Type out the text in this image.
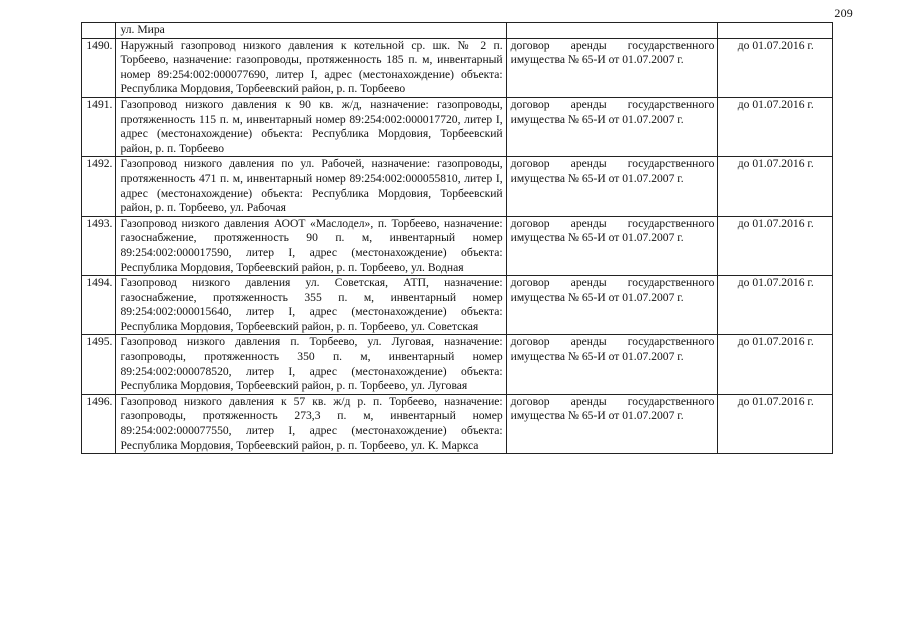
209
	ул. Мира		
1490.	Наружный газопровод низкого давления к котельной ср. шк. № 2 п. Торбеево, назначение: газопроводы, протяженность 185 п. м, инвентарный номер 89:254:002:000077690, литер I, адрес (местонахождение) объекта: Республика Мордовия, Торбеевский район, р. п. Торбеево	договор аренды государственного имущества № 65-И от 01.07.2007 г.	до 01.07.2016 г.
1491.	Газопровод низкого давления к 90 кв. ж/д, назначение: газопроводы, протяженность 115 п. м, инвентарный номер 89:254:002:000017720, литер I, адрес (местонахождение) объекта: Республика Мордовия, Торбеевский район, р. п. Торбеево	договор аренды государственного имущества № 65-И от 01.07.2007 г.	до 01.07.2016 г.
1492.	Газопровод низкого давления по ул. Рабочей, назначение: газопроводы, протяженность 471 п. м, инвентарный номер 89:254:002:000055810, литер I, адрес (местонахождение) объекта: Республика Мордовия, Торбеевский район, р. п. Торбеево, ул. Рабочая	договор аренды государственного имущества № 65-И от 01.07.2007 г.	до 01.07.2016 г.
1493.	Газопровод низкого давления АООТ «Маслодел», п. Торбеево, назначение: газоснабжение, протяженность 90 п. м, инвентарный номер 89:254:002:000017590, литер I, адрес (местонахождение) объекта: Республика Мордовия, Торбеевский район, р. п. Торбеево, ул. Водная	договор аренды государственного имущества № 65-И от 01.07.2007 г.	до 01.07.2016 г.
1494.	Газопровод низкого давления ул. Советская, АТП, назначение: газоснабжение, протяженность 355 п. м, инвентарный номер 89:254:002:000015640, литер I, адрес (местонахождение) объекта: Республика Мордовия, Торбеевский район, р. п. Торбеево, ул. Советская	договор аренды государственного имущества № 65-И от 01.07.2007 г.	до 01.07.2016 г.
1495.	Газопровод низкого давления п. Торбеево, ул. Луговая, назначение: газопроводы, протяженность 350 п. м, инвентарный номер 89:254:002:000078520, литер I, адрес (местонахождение) объекта: Республика Мордовия, Торбеевский район, р. п. Торбеево, ул. Луговая	договор аренды государственного имущества № 65-И от 01.07.2007 г.	до 01.07.2016 г.
1496.	Газопровод низкого давления к 57 кв. ж/д р. п. Торбеево, назначение: газопроводы, протяженность 273,3 п. м, инвентарный номер 89:254:002:000077550, литер I, адрес (местонахождение) объекта: Республика Мордовия, Торбеевский район, р. п. Торбеево, ул. К. Маркса	договор аренды государственного имущества № 65-И от 01.07.2007 г.	до 01.07.2016 г.
